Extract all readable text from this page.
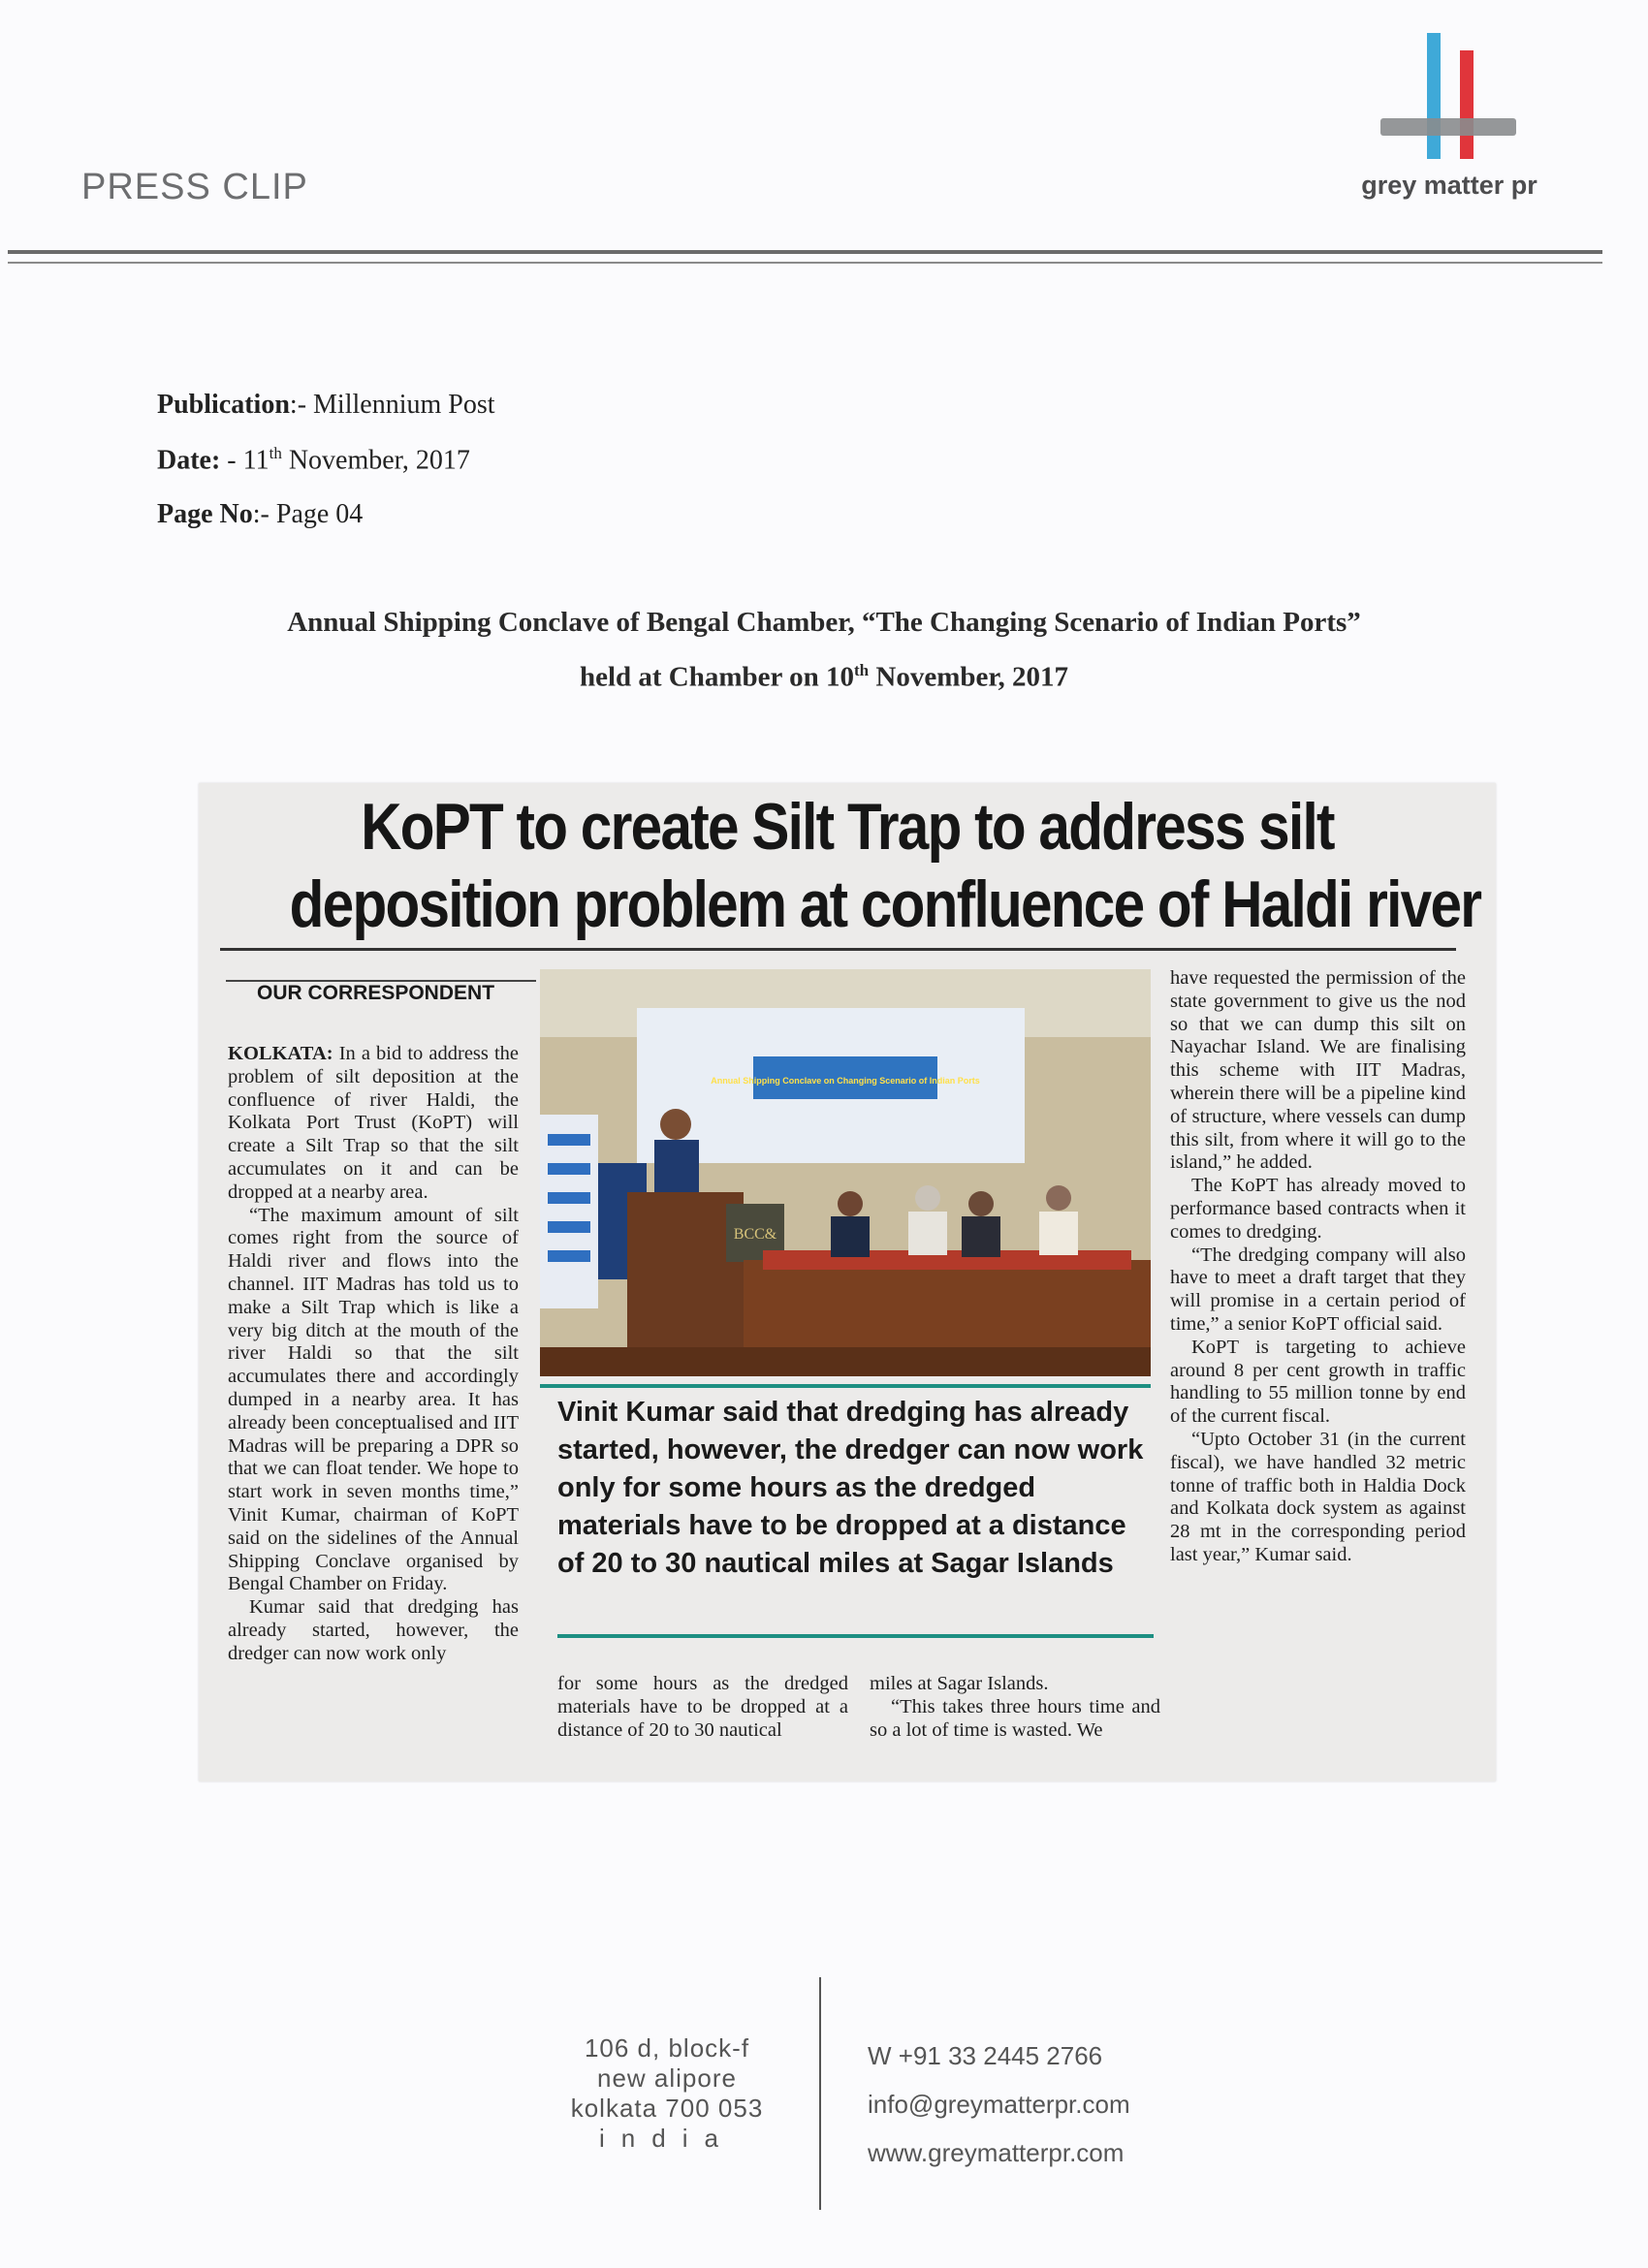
PRESS CLIP	grey matter pr
Publication:- Millennium Post
Date: - 11th November, 2017
Page No:- Page 04
Annual Shipping Conclave of Bengal Chamber, “The Changing Scenario of Indian Ports”
held at Chamber on 10th November, 2017
KoPT to create Silt Trap to address silt
deposition problem at confluence of Haldi river
OUR CORRESPONDENT

KOLKATA: In a bid to address the problem of silt deposition at the confluence of river Haldi, the Kolkata Port Trust (KoPT) will create a Silt Trap so that the silt accumulates on it and can be dropped at a nearby area.

“The maximum amount of silt comes right from the source of Haldi river and flows into the channel. IIT Madras has told us to make a Silt Trap which is like a very big ditch at the mouth of the river Haldi so that the silt accumulates there and accordingly dumped in a nearby area. It has already been conceptualised and IIT Madras will be preparing a DPR so that we can float tender. We hope to start work in seven months time,” Vinit Kumar, chairman of KoPT said on the sidelines of the Annual Shipping Conclave organised by Bengal Chamber on Friday.

Kumar said that dredging has already started, however, the dredger can now work only

Annual Shipping Conclave on Changing Scenario of Indian Ports
BCC&
Vinit Kumar said that dredging has already started, however, the dredger can now work only for some hours as the dredged materials have to be dropped at a distance of 20 to 30 nautical miles at Sagar Islands

for some hours as the dredged materials have to be dropped at a distance of 20 to 30 nautical

miles at Sagar Islands.

“This takes three hours time and so a lot of time is wasted. We

have requested the permission of the state government to give us the nod so that we can dump this silt on Nayachar Island. We are finalising this scheme with IIT Madras, wherein there will be a pipeline kind of structure, where vessels can dump this silt, from where it will go to the island,” he added.

The KoPT has already moved to performance based contracts when it comes to dredging.

“The dredging company will also have to meet a draft target that they will promise in a certain period of time,” a senior KoPT official said.

KoPT is targeting to achieve around 8 per cent growth in traffic handling to 55 million tonne by end of the current fiscal.

“Upto October 31 (in the current fiscal), we have handled 32 metric tonne of traffic both in Haldia Dock and Kolkata dock system as against 28 mt in the corresponding period last year,” Kumar said.

106 d, block-f
new alipore
kolkata 700 053
india
W +91 33 2445 2766
info@greymatterpr.com
www.greymatterpr.com
